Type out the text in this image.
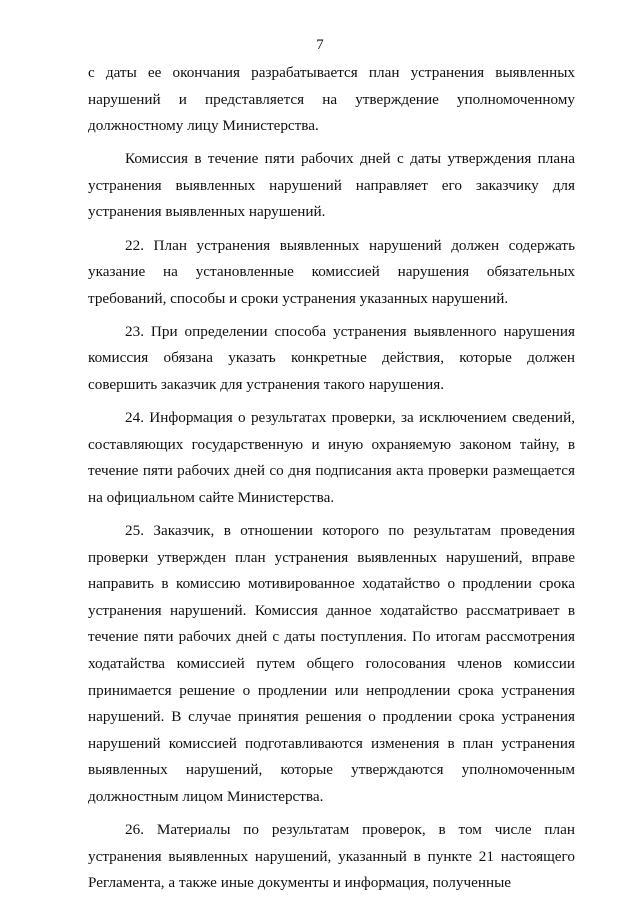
7

с даты ее окончания разрабатывается план устранения выявленных нарушений и представляется на утверждение уполномоченному должностному лицу Министерства.

Комиссия в течение пяти рабочих дней с даты утверждения плана устранения выявленных нарушений направляет его заказчику для устранения выявленных нарушений.

22. План устранения выявленных нарушений должен содержать указание на установленные комиссией нарушения обязательных требований, способы и сроки устранения указанных нарушений.

23. При определении способа устранения выявленного нарушения комиссия обязана указать конкретные действия, которые должен совершить заказчик для устранения такого нарушения.

24. Информация о результатах проверки, за исключением сведений, составляющих государственную и иную охраняемую законом тайну, в течение пяти рабочих дней со дня подписания акта проверки размещается на официальном сайте Министерства.

25. Заказчик, в отношении которого по результатам проведения проверки утвержден план устранения выявленных нарушений, вправе направить в комиссию мотивированное ходатайство о продлении срока устранения нарушений. Комиссия данное ходатайство рассматривает в течение пяти рабочих дней с даты поступления. По итогам рассмотрения ходатайства комиссией путем общего голосования членов комиссии принимается решение о продлении или непродлении срока устранения нарушений. В случае принятия решения о продлении срока устранения нарушений комиссией подготавливаются изменения в план устранения выявленных нарушений, которые утверждаются уполномоченным должностным лицом Министерства.

26. Материалы по результатам проверок, в том числе план устранения выявленных нарушений, указанный в пункте 21 настоящего Регламента, а также иные документы и информация, полученные
